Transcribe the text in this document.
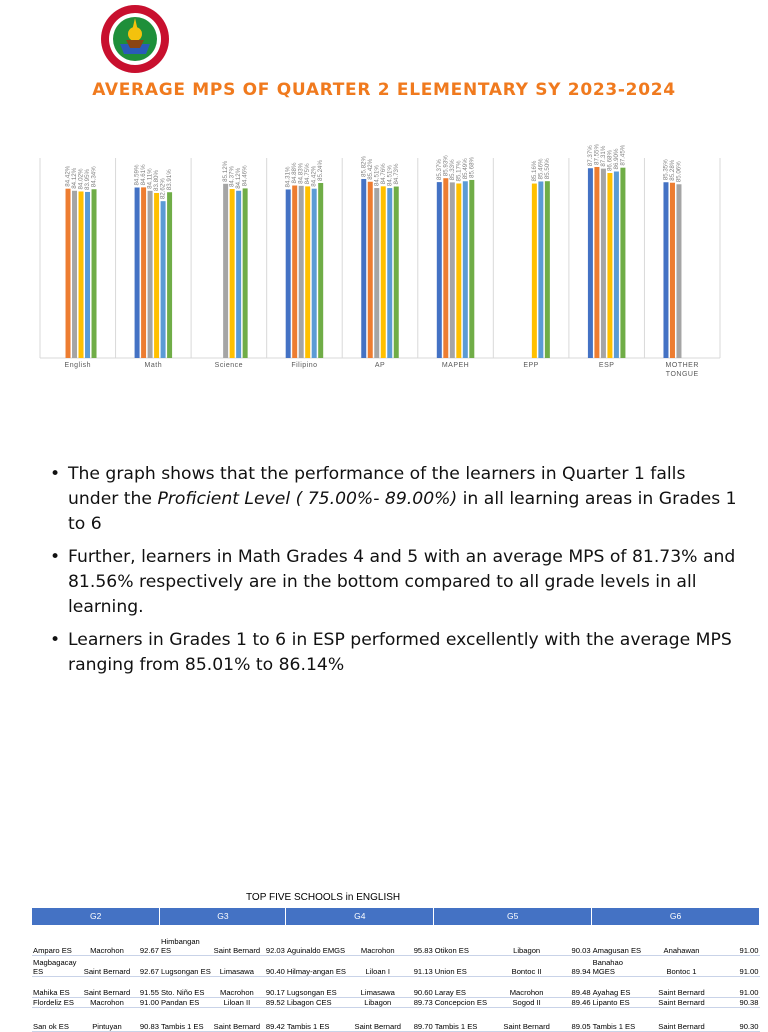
AVERAGE MPS OF QUARTER 2 ELEMENTARY SY 2023-2024
84.42% 84.12% 84.02% 83.95% 84.34%
English
84.59% 84.61% 84.11% 83.80% 82.62% 83.91%
Math
85.12% 84.37% 84.12% 84.46%
Science
84.31% 84.88% 84.83% 84.75% 84.42% 85.24%
Filipino
85.82% 85.42% 84.51% 84.76% 84.51% 84.73%
AP
85.37% 85.93% 85.33% 85.17% 85.49% 85.68%
MAPEH
85.16% 85.46% 85.50%
EPP
87.37% 87.55% 87.31% 86.68% 86.90% 87.45%
ESP
85.35% 85.28% 85.06%
MOTHER
TONGUE
• The graph shows that the performance of the learners in Quarter 1 falls under the Proficient Level ( 75.00%- 89.00%) in all learning areas in Grades 1 to 6
• Further, learners in Math Grades 4 and 5 with an average MPS of 81.73% and 81.56% respectively are in the bottom compared to all grade levels in all learning.
• Learners in Grades 1 to 6 in ESP performed excellently with the average MPS ranging from 85.01% to 86.14%
TOP FIVE SCHOOLS in ENGLISH
G2			G3			G4			G5			G6		
Amparo ES	Macrohon	92.67	Himbangan ES	Saint Bernard	92.03	Aguinaldo EMGS	Macrohon	95.83	Otikon ES	Libagon	90.03	Amagusan ES	Anahawan	91.00
Magbagacay ES	Saint Bernard	92.67	Lugsongan ES	Limasawa	90.40	Hilmay-angan ES	Liloan I	91.13	Union ES	Bontoc II	89.94	Banahao MGES	Bontoc 1	91.00
Mahika ES	Saint Bernard	91.55	Sto. Niño ES	Macrohon	90.17	Lugsongan ES	Limasawa	90.60	Laray ES	Macrohon	89.48	Ayahag ES	Saint Bernard	91.00
Flordeliz ES	Macrohon	91.00	Pandan ES	Liloan II	89.52	Libagon CES	Libagon	89.73	Concepcion ES	Sogod II	89.46	Lipanto ES	Saint Bernard	90.38
San ok ES	Pintuyan	90.83	Tambis 1 ES	Saint Bernard	89.42	Tambis 1 ES	Saint Bernard	89.70	Tambis 1 ES	Saint Bernard	89.05	Tambis 1 ES	Saint Bernard	90.30
